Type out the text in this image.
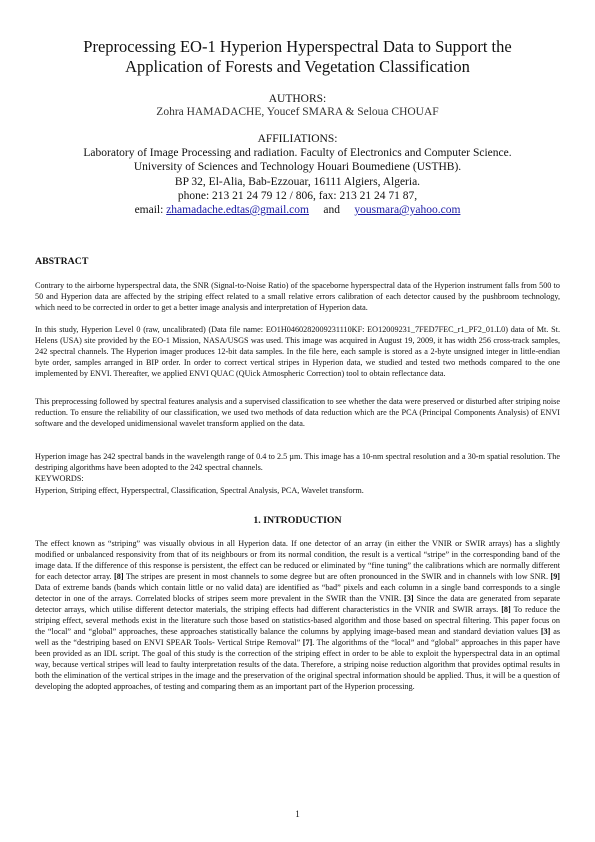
Preprocessing EO-1 Hyperion Hyperspectral Data to Support the
Application of Forests and Vegetation Classification
AUTHORS:
Zohra HAMADACHE, Youcef SMARA & Seloua CHOUAF
AFFILIATIONS:
Laboratory of Image Processing and radiation. Faculty of Electronics and Computer Science.
University of Sciences and Technology Houari Boumediene (USTHB).
BP 32, El-Alia, Bab-Ezzouar, 16111 Algiers, Algeria.
phone: 213 21 24 79 12 / 806, fax: 213 21 24 71 87,
email: zhamadache.edtas@gmail.com and yousmara@yahoo.com
ABSTRACT

Contrary to the airborne hyperspectral data, the SNR (Signal-to-Noise Ratio) of the spaceborne hyperspectral data of the Hyperion instrument falls from 500 to 50 and Hyperion data are affected by the striping effect related to a small relative errors calibration of each detector caused by the pushbroom technology, which need to be corrected in order to get a better image analysis and interpretation of Hyperion data.

In this study, Hyperion Level 0 (raw, uncalibrated) (Data file name: EO1H0460282009231110KF: EO12009231_7FED7FEC_r1_PF2_01.L0) data of Mt. St. Helens (USA) site provided by the EO-1 Mission, NASA/USGS was used. This image was acquired in August 19, 2009, it has width 256 cross-track samples, 242 spectral channels. The Hyperion imager produces 12-bit data samples. In the file here, each sample is stored as a 2-byte unsigned integer in little-endian byte order, samples arranged in BIP order. In order to correct vertical stripes in Hyperion data, we studied and tested two methods compared to the one implemented by ENVI. Thereafter, we applied ENVI QUAC (QUick Atmospheric Correction) tool to obtain reflectance data.

This preprocessing followed by spectral features analysis and a supervised classification to see whether the data were preserved or disturbed after striping noise reduction. To ensure the reliability of our classification, we used two methods of data reduction which are the PCA (Principal Components Analysis) of ENVI software and the developed unidimensional wavelet transform applied on the data.

Hyperion image has 242 spectral bands in the wavelength range of 0.4 to 2.5 µm. This image has a 10-nm spectral resolution and a 30-m spatial resolution. The destriping algorithms have been adopted to the 242 spectral channels.

KEYWORDS:

Hyperion, Striping effect, Hyperspectral, Classification, Spectral Analysis, PCA, Wavelet transform.

1. INTRODUCTION

The effect known as “striping” was visually obvious in all Hyperion data. If one detector of an array (in either the VNIR or SWIR arrays) has a slightly modified or unbalanced responsivity from that of its neighbours or from its normal condition, the result is a vertical “stripe” in the corresponding band of the image data. If the difference of this response is persistent, the effect can be reduced or eliminated by “fine tuning” the calibrations which are normally different for each detector array. [8] The stripes are present in most channels to some degree but are often pronounced in the SWIR and in channels with low SNR. [9] Data of extreme bands (bands which contain little or no valid data) are identified as “bad” pixels and each column in a single band corresponds to a single detector in one of the arrays. Correlated blocks of stripes seem more prevalent in the SWIR than the VNIR. [3] Since the data are generated from separate detector arrays, which utilise different detector materials, the striping effects had different characteristics in the VNIR and SWIR arrays. [8] To reduce the striping effect, several methods exist in the literature such those based on statistics-based algorithm and those based on spectral filtering. This paper focus on the “local” and “global” approaches, these approaches statistically balance the columns by applying image-based mean and standard deviation values [3] as well as the “destriping based on ENVI SPEAR Tools- Vertical Stripe Removal” [7]. The algorithms of the “local” and “global” approaches in this paper have been provided as an IDL script. The goal of this study is the correction of the striping effect in order to be able to exploit the hyperspectral data in an optimal way, because vertical stripes will lead to faulty interpretation results of the data. Therefore, a striping noise reduction algorithm that provides optimal results in both the elimination of the vertical stripes in the image and the preservation of the original spectral information should be applied. Thus, it will be a question of developing the adopted approaches, of testing and comparing them as an important part of the Hyperion processing.

1
